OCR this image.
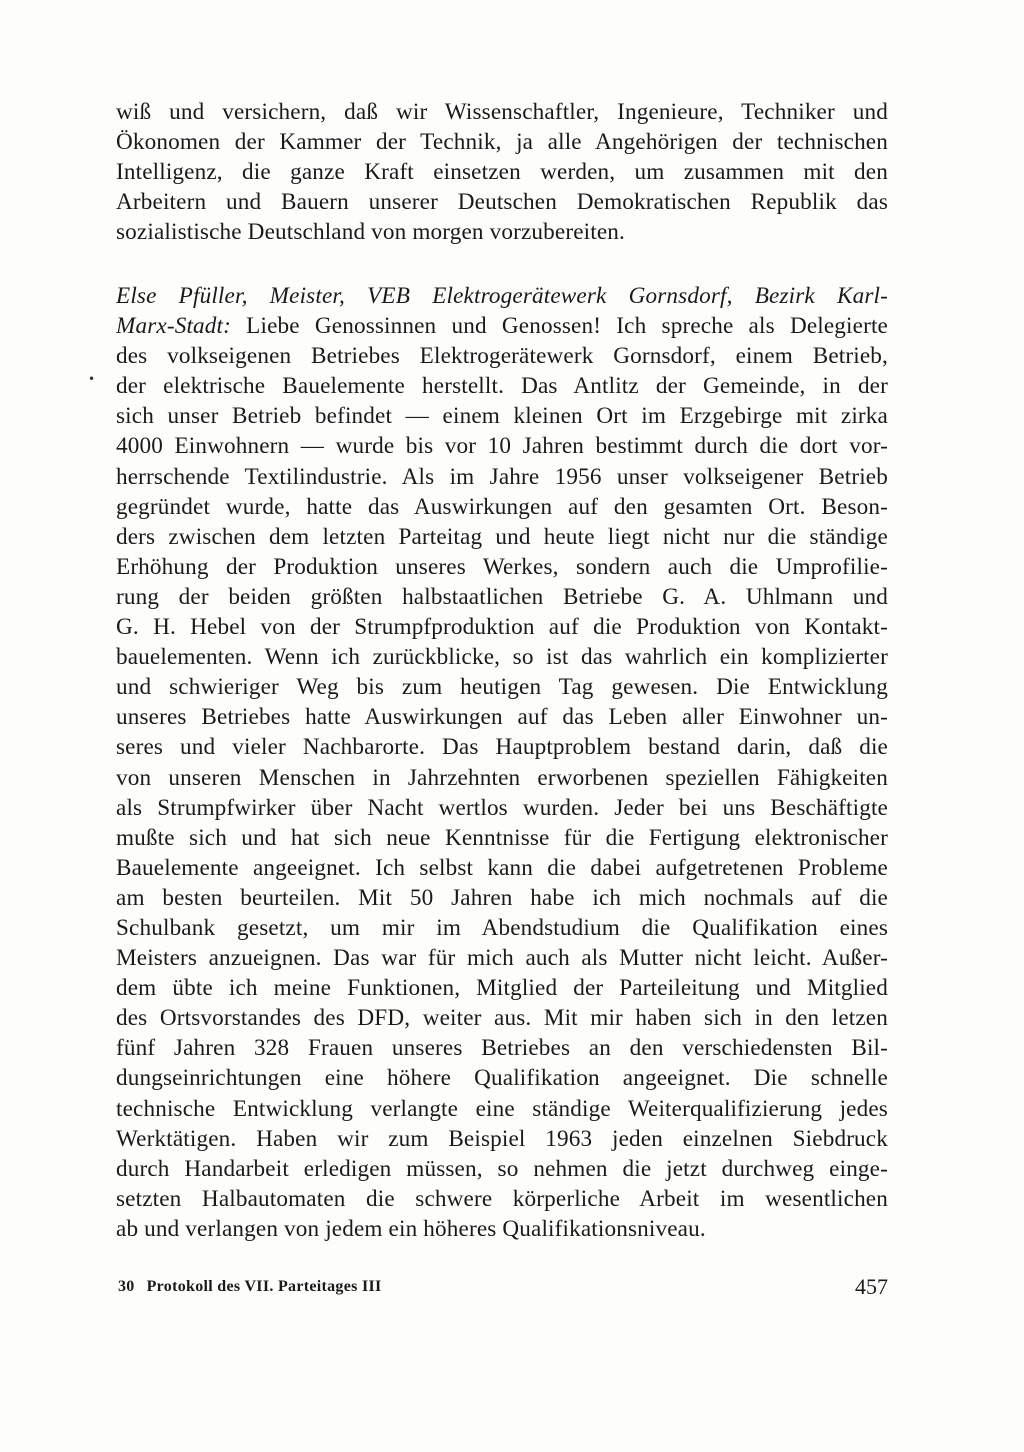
wiß und versichern, daß wir Wissenschaftler, Ingenieure, Techniker und
Ökonomen der Kammer der Technik, ja alle Angehörigen der technischen
Intelligenz, die ganze Kraft einsetzen werden, um zusammen mit den
Arbeitern und Bauern unserer Deutschen Demokratischen Republik das
sozialistische Deutschland von morgen vorzubereiten.
•
Else Pfüller, Meister, VEB Elektrogerätewerk Gornsdorf, Bezirk Karl-
Marx-Stadt: Liebe Genossinnen und Genossen! Ich spreche als Delegierte
des volkseigenen Betriebes Elektrogerätewerk Gornsdorf, einem Betrieb,
der elektrische Bauelemente herstellt. Das Antlitz der Gemeinde, in der
sich unser Betrieb befindet — einem kleinen Ort im Erzgebirge mit zirka
4000 Einwohnern — wurde bis vor 10 Jahren bestimmt durch die dort vor-
herrschende Textilindustrie. Als im Jahre 1956 unser volkseigener Betrieb
gegründet wurde, hatte das Auswirkungen auf den gesamten Ort. Beson-
ders zwischen dem letzten Parteitag und heute liegt nicht nur die ständige
Erhöhung der Produktion unseres Werkes, sondern auch die Umprofilie-
rung der beiden größten halbstaatlichen Betriebe G. A. Uhlmann und
G. H. Hebel von der Strumpfproduktion auf die Produktion von Kontakt-
bauelementen. Wenn ich zurückblicke, so ist das wahrlich ein komplizierter
und schwieriger Weg bis zum heutigen Tag gewesen. Die Entwicklung
unseres Betriebes hatte Auswirkungen auf das Leben aller Einwohner un-
seres und vieler Nachbarorte. Das Hauptproblem bestand darin, daß die
von unseren Menschen in Jahrzehnten erworbenen speziellen Fähigkeiten
als Strumpfwirker über Nacht wertlos wurden. Jeder bei uns Beschäftigte
mußte sich und hat sich neue Kenntnisse für die Fertigung elektronischer
Bauelemente angeeignet. Ich selbst kann die dabei aufgetretenen Probleme
am besten beurteilen. Mit 50 Jahren habe ich mich nochmals auf die
Schulbank gesetzt, um mir im Abendstudium die Qualifikation eines
Meisters anzueignen. Das war für mich auch als Mutter nicht leicht. Außer-
dem übte ich meine Funktionen, Mitglied der Parteileitung und Mitglied
des Ortsvorstandes des DFD, weiter aus. Mit mir haben sich in den letzen
fünf Jahren 328 Frauen unseres Betriebes an den verschiedensten Bil-
dungseinrichtungen eine höhere Qualifikation angeeignet. Die schnelle
technische Entwicklung verlangte eine ständige Weiterqualifizierung jedes
Werktätigen. Haben wir zum Beispiel 1963 jeden einzelnen Siebdruck
durch Handarbeit erledigen müssen, so nehmen die jetzt durchweg einge-
setzten Halbautomaten die schwere körperliche Arbeit im wesentlichen
ab und verlangen von jedem ein höheres Qualifikationsniveau.
30 Protokoll des VII. Parteitages III	457
